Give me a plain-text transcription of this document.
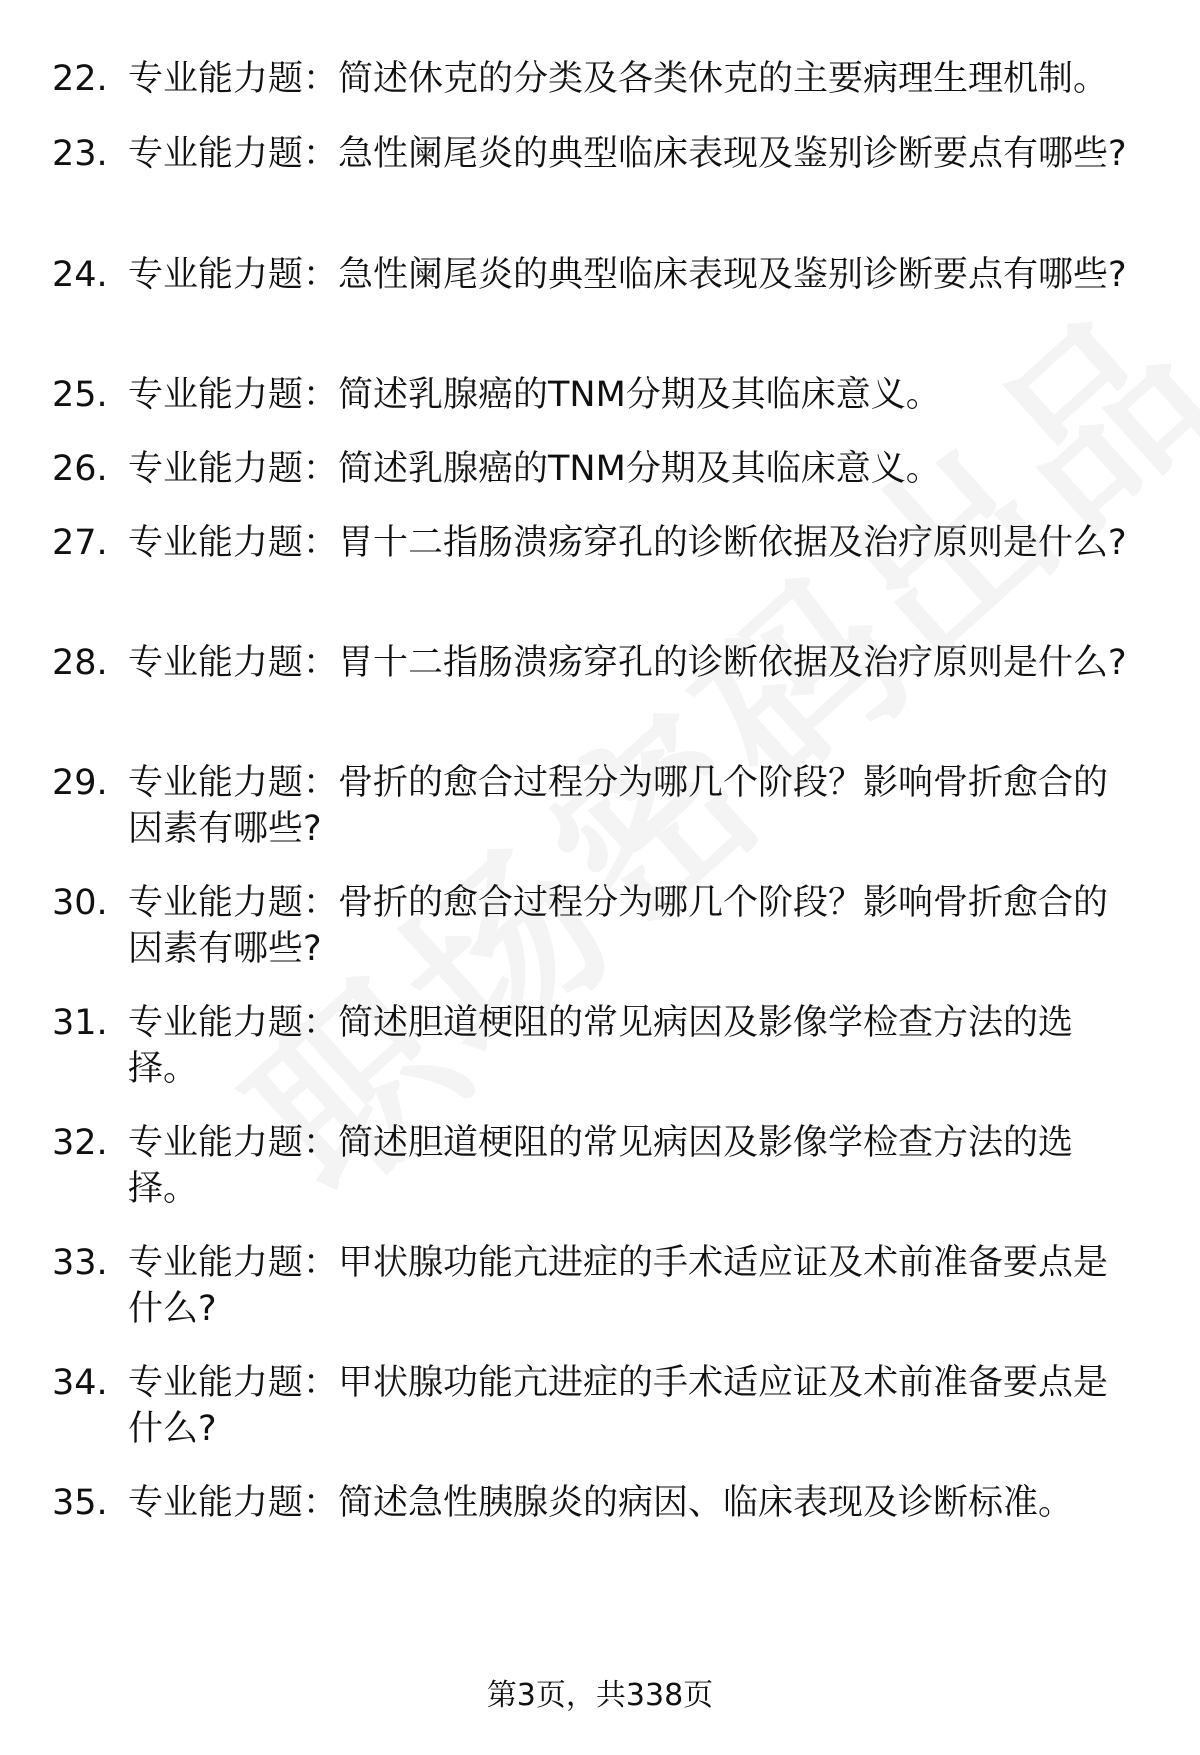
22. 专业能力题：简述休克的分类及各类休克的主要病理生理机制。
23. 专业能力题：急性阑尾炎的典型临床表现及鉴别诊断要点有哪些?
24. 专业能力题：急性阑尾炎的典型临床表现及鉴别诊断要点有哪些?
25. 专业能力题：简述乳腺癌的TNM分期及其临床意义。
26. 专业能力题：简述乳腺癌的TNM分期及其临床意义。
27. 专业能力题：胃十二指肠溃疡穿孔的诊断依据及治疗原则是什么?
28. 专业能力题：胃十二指肠溃疡穿孔的诊断依据及治疗原则是什么?
29. 专业能力题：骨折的愈合过程分为哪几个阶段？影响骨折愈合的因素有哪些?
30. 专业能力题：骨折的愈合过程分为哪几个阶段？影响骨折愈合的因素有哪些?
31. 专业能力题：简述胆道梗阻的常见病因及影像学检查方法的选择。
32. 专业能力题：简述胆道梗阻的常见病因及影像学检查方法的选择。
33. 专业能力题：甲状腺功能亢进症的手术适应证及术前准备要点是什么?
34. 专业能力题：甲状腺功能亢进症的手术适应证及术前准备要点是什么?
35. 专业能力题：简述急性胰腺炎的病因、临床表现及诊断标准。
第3页，共338页
